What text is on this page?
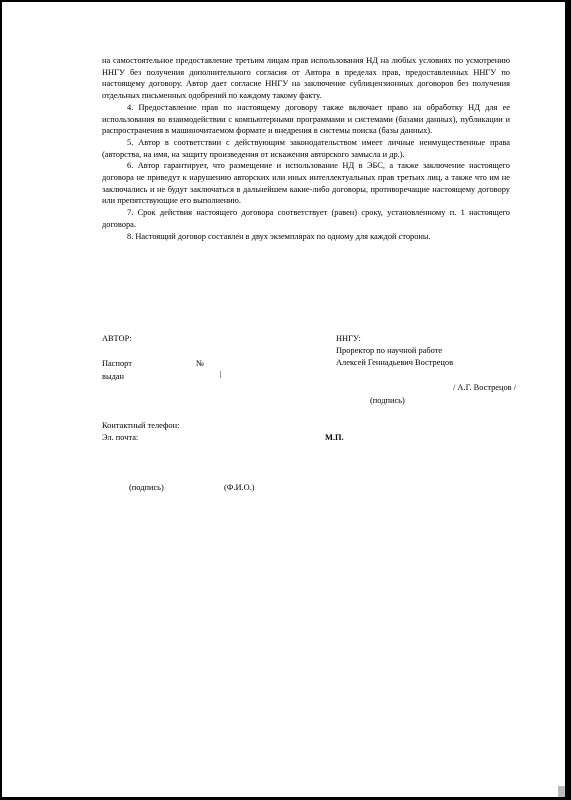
на самостоятельное предоставление третьим лицам прав использования НД на любых условиях по усмотрению ННГУ без получения дополнительного согласия от Автора в пределах прав, предоставленных ННГУ по настоящему договору. Автор дает согласие ННГУ на заключение сублицензионных договоров без получения отдельных письменных одобрений по каждому такому факту.

4. Предоставление прав по настоящему договору также включает право на обработку НД для ее использования во взаимодействии с компьютерными программами и системами (базами данных), публикации и распространения в машиночитаемом формате и внедрения в системы поиска (базы данных).

5. Автор в соответствии с действующим законодательством имеет личные неимущественные права (авторства, на имя, на защиту произведения от искажения авторского замысла и др.).

6. Автор гарантирует, что размещение и использование НД в ЭБС, а также заключение настоящего договора не приведут к нарушению авторских или иных интеллектуальных прав третьих лиц, а также что им не заключались и не будут заключаться в дальнейшем какие-либо договоры, противоречащие настоящему договору или препятствующие его выполнению.

7. Срок действия настоящего договора соответствует (равен) сроку, установленному п. 1 настоящего договора.

8. Настоящий договор составлен в двух экземплярах по одному для каждой стороны.

АВТОР:
Паспорт	№
выдан
ННГУ:
Проректор по научной работе
Алексей Геннадьевич Вострецов
/ А.Г. Вострецов /
(подпись)
Контактный телефон:
Эл. почта:	М.П.
(подпись)	(Ф.И.О.)
